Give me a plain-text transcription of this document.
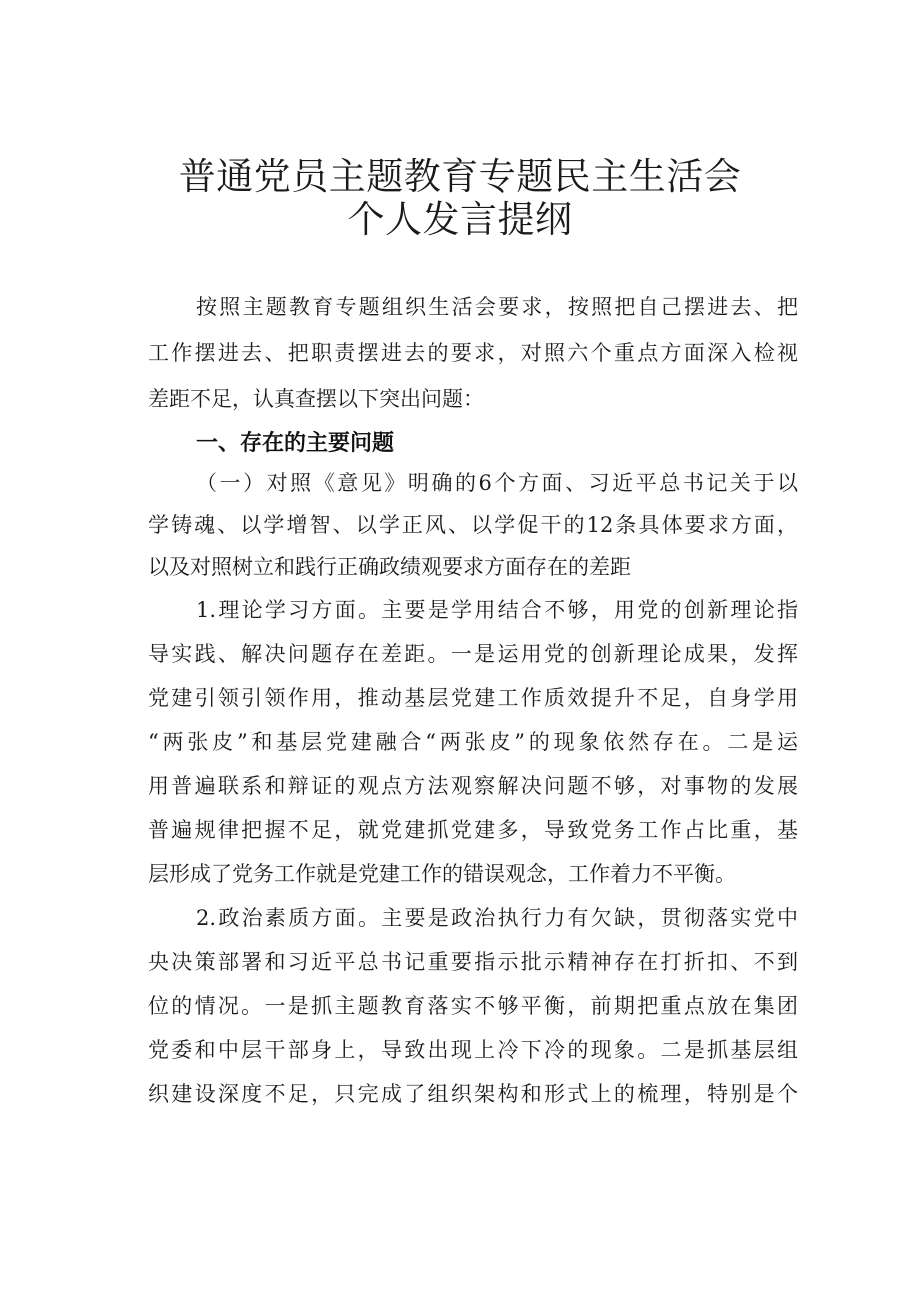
普通党员主题教育专题民主生活会
个人发言提纲
按照主题教育专题组织生活会要求，按照把自己摆进去、把
工作摆进去、把职责摆进去的要求，对照六个重点方面深入检视
差距不足，认真查摆以下突出问题：
一、存在的主要问题
（一）对照《意见》明确的6个方面、习近平总书记关于以
学铸魂、以学增智、以学正风、以学促干的12条具体要求方面，
以及对照树立和践行正确政绩观要求方面存在的差距
1.理论学习方面。主要是学用结合不够，用党的创新理论指
导实践、解决问题存在差距。一是运用党的创新理论成果，发挥
党建引领引领作用，推动基层党建工作质效提升不足，自身学用
“两张皮”和基层党建融合“两张皮”的现象依然存在。二是运
用普遍联系和辩证的观点方法观察解决问题不够，对事物的发展
普遍规律把握不足，就党建抓党建多，导致党务工作占比重，基
层形成了党务工作就是党建工作的错误观念，工作着力不平衡。
2.政治素质方面。主要是政治执行力有欠缺，贯彻落实党中
央决策部署和习近平总书记重要指示批示精神存在打折扣、不到
位的情况。一是抓主题教育落实不够平衡，前期把重点放在集团
党委和中层干部身上，导致出现上冷下冷的现象。二是抓基层组
织建设深度不足，只完成了组织架构和形式上的梳理，特别是个
